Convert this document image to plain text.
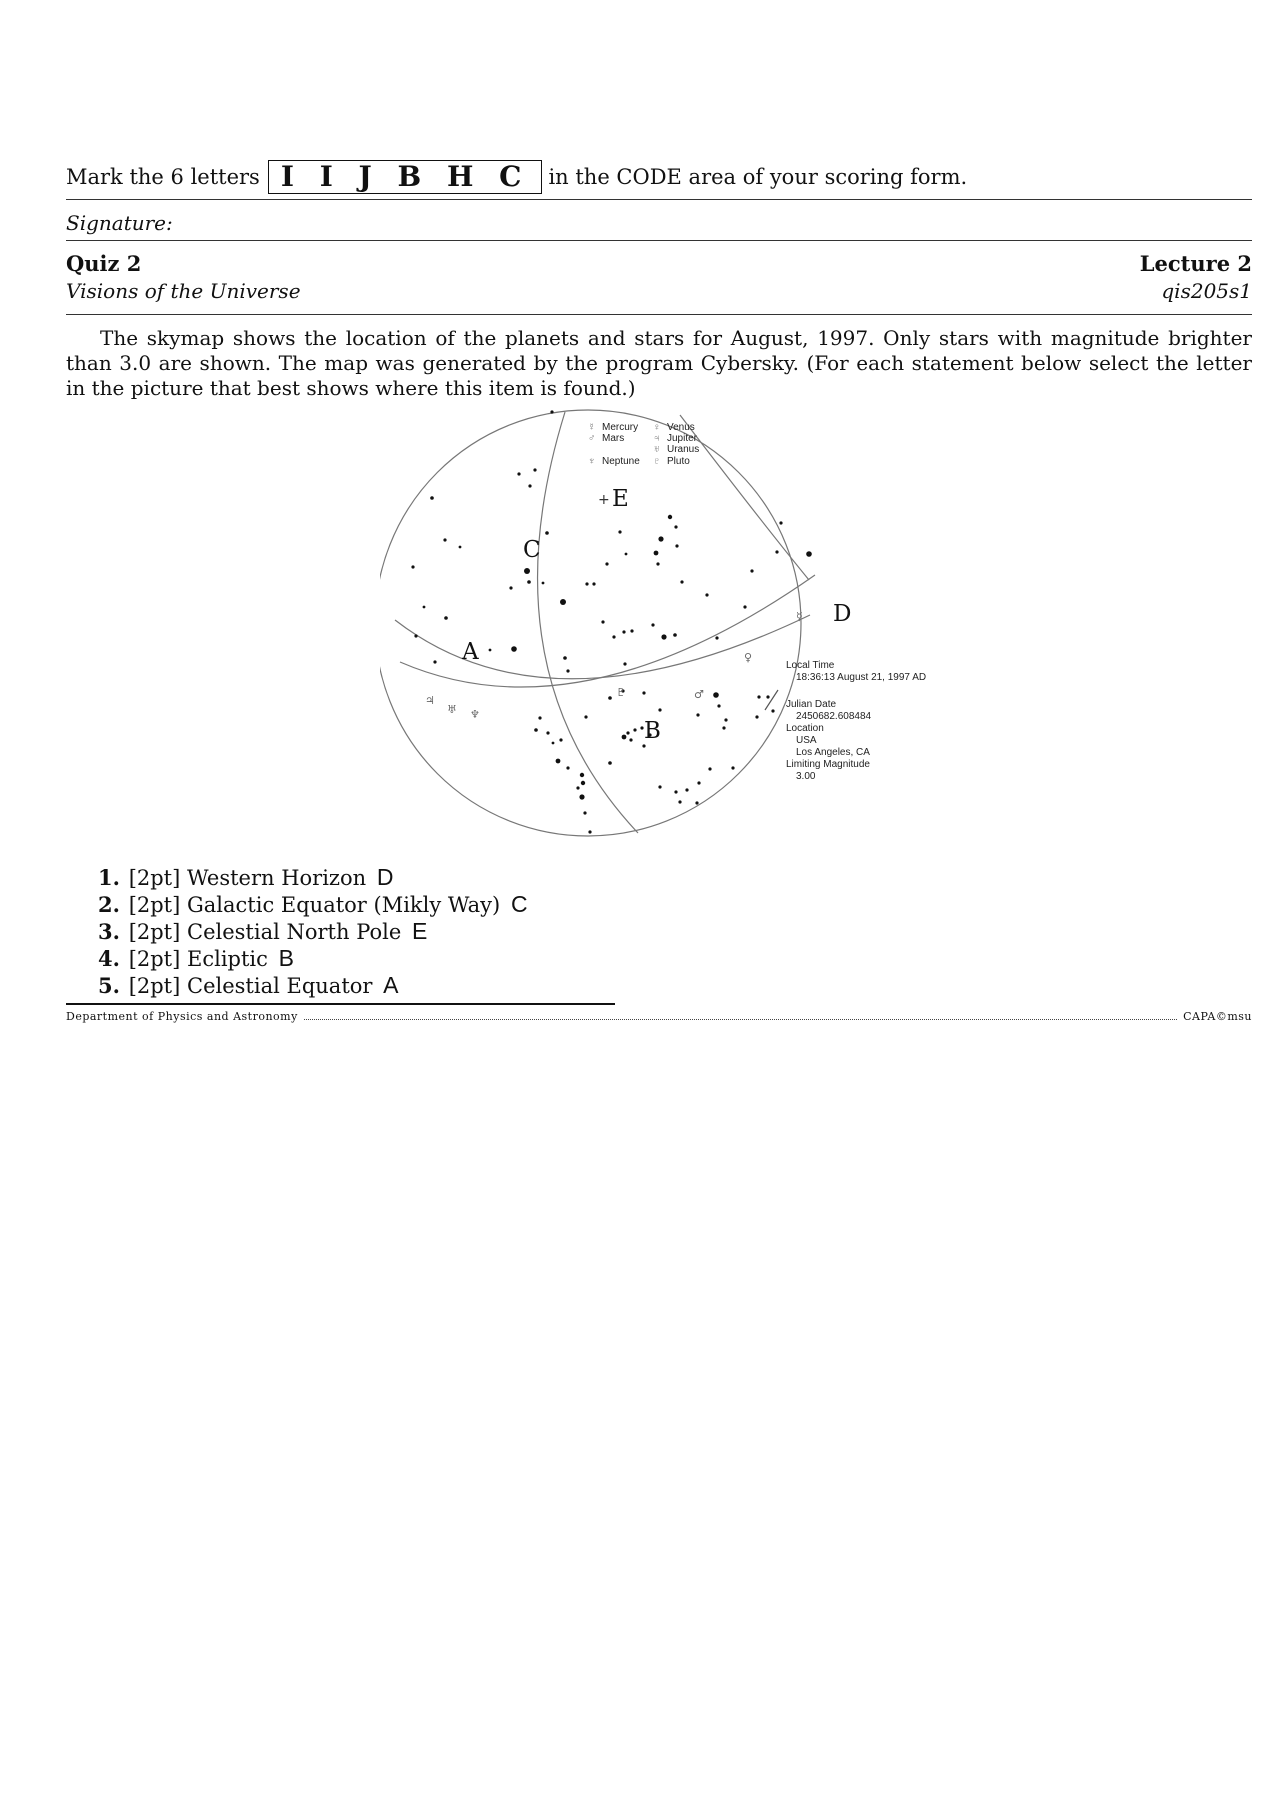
Mark the 6 letters I I J B H C in the CODE area of your scoring form.
Signature:
Quiz 2
Visions of the Universe
Lecture 2
qis205s1
The skymap shows the location of the planets and stars for August, 1997. Only stars with magnitude brighter than 3.0 are shown. The map was generated by the program Cybersky. (For each statement below select the letter in the picture that best shows where this item is found.)
♃
♅ ♆
♇	♂
♀
☿
☿ Mercury ♀ Venus
♂ Mars	♃ Jupiter
♅ Uranus
♆ Neptune ♇ Pluto
+ E
C
D
A
B
Local Time
18:36:13 August 21, 1997 AD
Julian Date
2450682.608484
Location
USA
Los Angeles, CA
Limiting Magnitude
3.00
1. [2pt] Western Horizon D
2. [2pt] Galactic Equator (Mikly Way) C
3. [2pt] Celestial North Pole E
4. [2pt] Ecliptic B
5. [2pt] Celestial Equator A
Department of Physics and Astronomy	CAPA©msu
